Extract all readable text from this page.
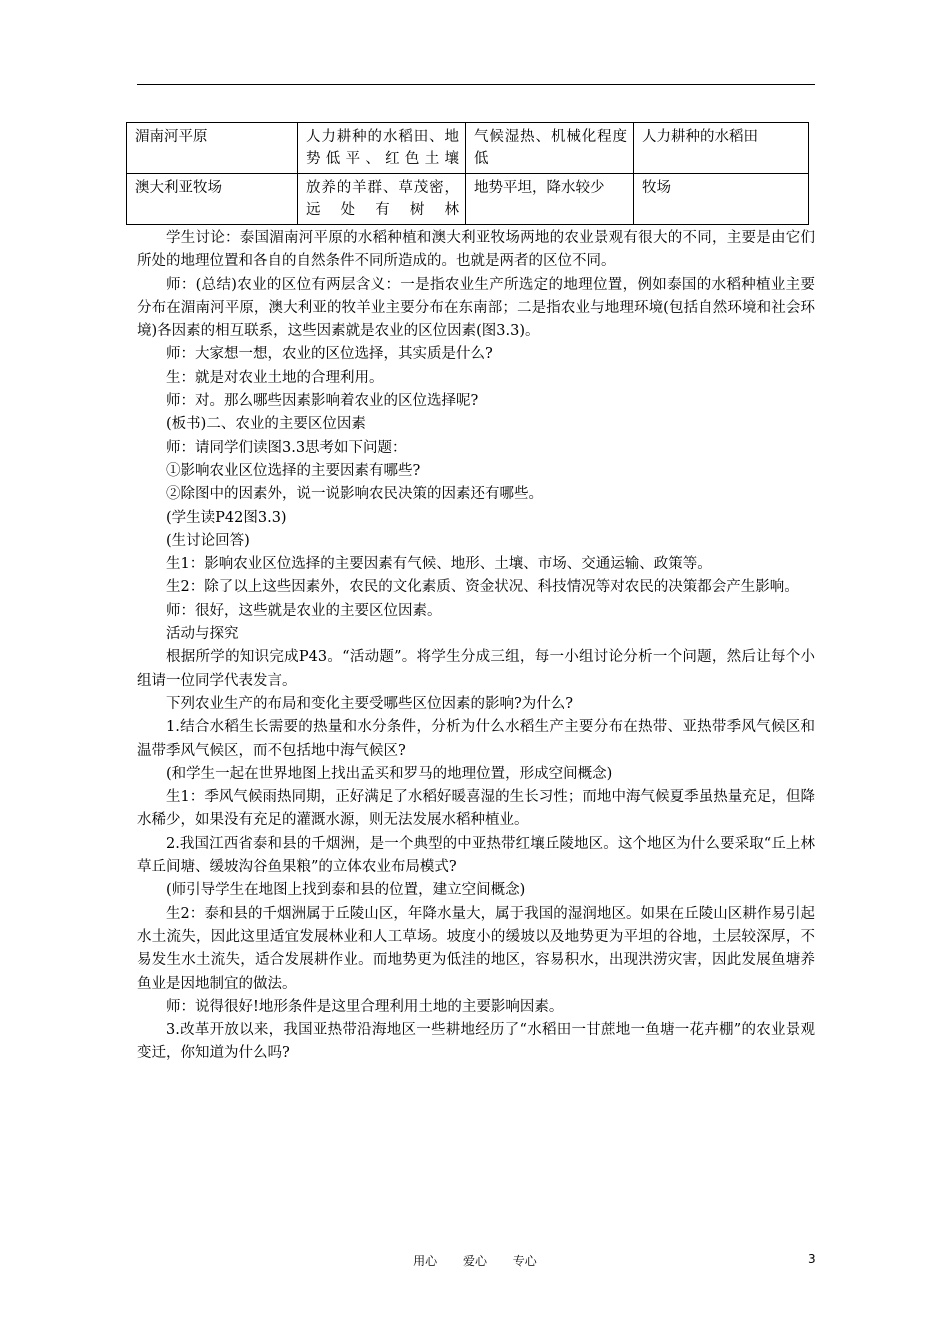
湄南河平原	人力耕种的水稻田、地势低平、红色土壤	气候湿热、机械化程度低	人力耕种的水稻田
澳大利亚牧场	放养的羊群、草茂密，远处有树林	地势平坦，降水较少	牧场

学生讨论：泰国湄南河平原的水稻种植和澳大利亚牧场两地的农业景观有很大的不同，主要是由它们所处的地理位置和各自的自然条件不同所造成的。也就是两者的区位不同。

师：(总结)农业的区位有两层含义：一是指农业生产所选定的地理位置，例如泰国的水稻种植业主要分布在湄南河平原，澳大利亚的牧羊业主要分布在东南部；二是指农业与地理环境(包括自然环境和社会环境)各因素的相互联系，这些因素就是农业的区位因素(图3.3)。

师：大家想一想，农业的区位选择，其实质是什么?

生：就是对农业土地的合理利用。

师：对。那么哪些因素影响着农业的区位选择呢?

(板书)二、农业的主要区位因素

师：请同学们读图3.3思考如下问题：

①影响农业区位选择的主要因素有哪些?

②除图中的因素外，说一说影响农民决策的因素还有哪些。

(学生读P42图3.3)

(生讨论回答)

生1：影响农业区位选择的主要因素有气候、地形、土壤、市场、交通运输、政策等。

生2：除了以上这些因素外，农民的文化素质、资金状况、科技情况等对农民的决策都会产生影响。

师：很好，这些就是农业的主要区位因素。

活动与探究

根据所学的知识完成P43。“活动题”。将学生分成三组，每一小组讨论分析一个问题，然后让每个小组请一位同学代表发言。

下列农业生产的布局和变化主要受哪些区位因素的影响?为什么?

1.结合水稻生长需要的热量和水分条件，分析为什么水稻生产主要分布在热带、亚热带季风气候区和温带季风气候区，而不包括地中海气候区?

(和学生一起在世界地图上找出孟买和罗马的地理位置，形成空间概念)

生1：季风气候雨热同期，正好满足了水稻好暖喜湿的生长习性；而地中海气候夏季虽热量充足，但降水稀少，如果没有充足的灌溉水源，则无法发展水稻种植业。

2.我国江西省泰和县的千烟洲，是一个典型的中亚热带红壤丘陵地区。这个地区为什么要采取“丘上林草丘间塘、缓坡沟谷鱼果粮”的立体农业布局模式?

(师引导学生在地图上找到泰和县的位置，建立空间概念)

生2：泰和县的千烟洲属于丘陵山区，年降水量大，属于我国的湿润地区。如果在丘陵山区耕作易引起水土流失，因此这里适宜发展林业和人工草场。坡度小的缓坡以及地势更为平坦的谷地，土层较深厚，不易发生水土流失，适合发展耕作业。而地势更为低洼的地区，容易积水，出现洪涝灾害，因此发展鱼塘养鱼业是因地制宜的做法。

师：说得很好!地形条件是这里合理利用土地的主要影响因素。

3.改革开放以来，我国亚热带沿海地区一些耕地经历了“水稻田一甘蔗地一鱼塘一花卉棚”的农业景观变迁，你知道为什么吗?

用心 爱心 专心	3
